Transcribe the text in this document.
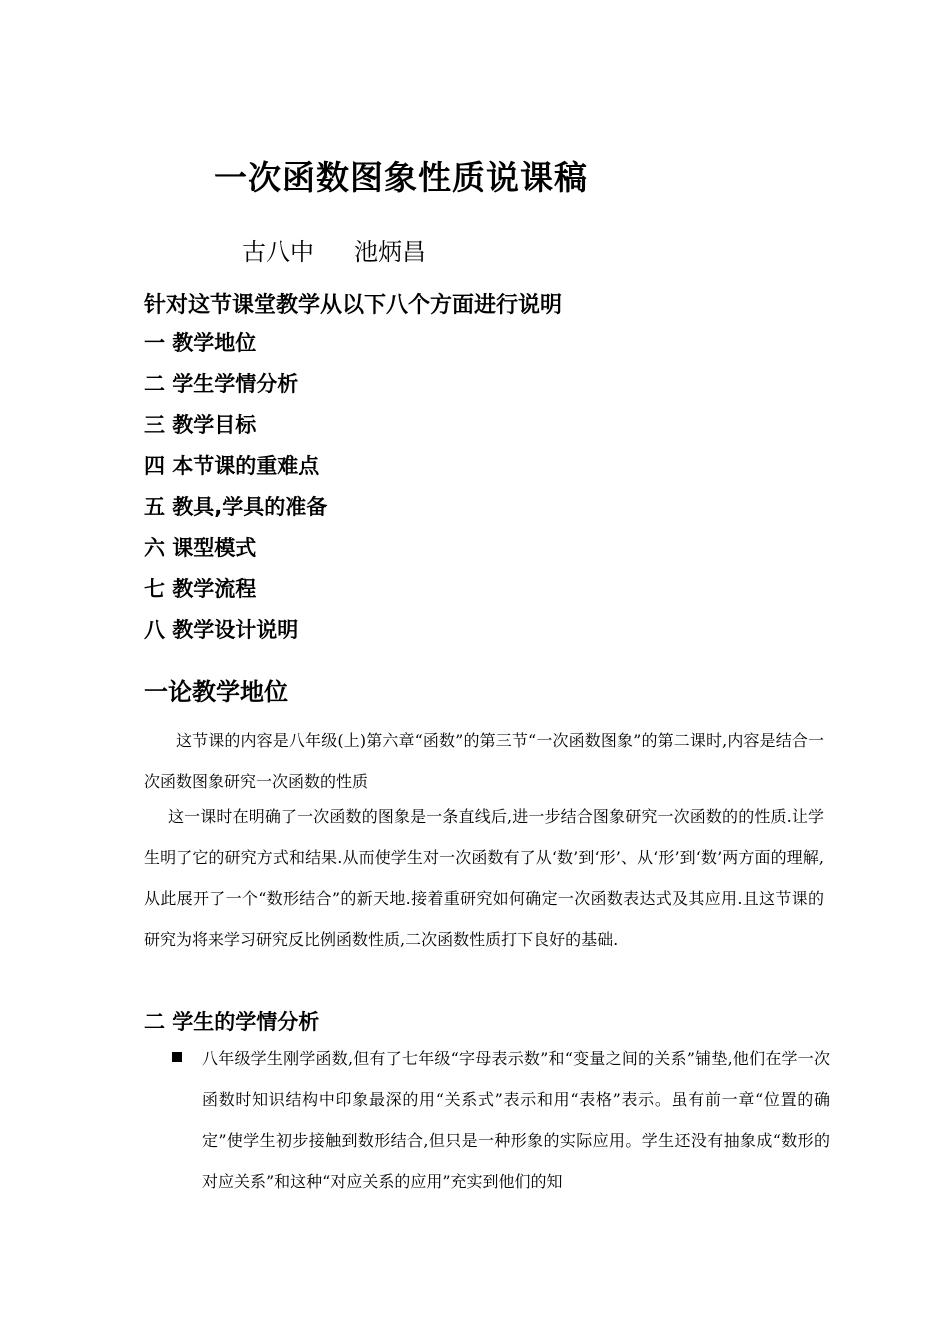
一次函数图象性质说课稿
古八中 池炳昌
针对这节课堂教学从以下八个方面进行说明
一 教学地位
二 学生学情分析
三 教学目标
四 本节课的重难点
五 教具,学具的准备
六 课型模式
七 教学流程
八 教学设计说明
一论教学地位

这节课的内容是八年级(上)第六章“函数”的第三节“一次函数图象”的第二课时,内容是结合一次函数图象研究一次函数的性质

这一课时在明确了一次函数的图象是一条直线后,进一步结合图象研究一次函数的的性质.让学生明了它的研究方式和结果.从而使学生对一次函数有了从‘数’到‘形’、从‘形’到‘数’两方面的理解,从此展开了一个“数形结合”的新天地.接着重研究如何确定一次函数表达式及其应用.且这节课的研究为将来学习研究反比例函数性质,二次函数性质打下良好的基础.

二 学生的学情分析

八年级学生刚学函数,但有了七年级“字母表示数”和“变量之间的关系”铺垫,他们在学一次函数时知识结构中印象最深的用“关系式”表示和用“表格”表示。虽有前一章“位置的确定”使学生初步接触到数形结合,但只是一种形象的实际应用。学生还没有抽象成“数形的对应关系”和这种“对应关系的应用”充实到他们的知
